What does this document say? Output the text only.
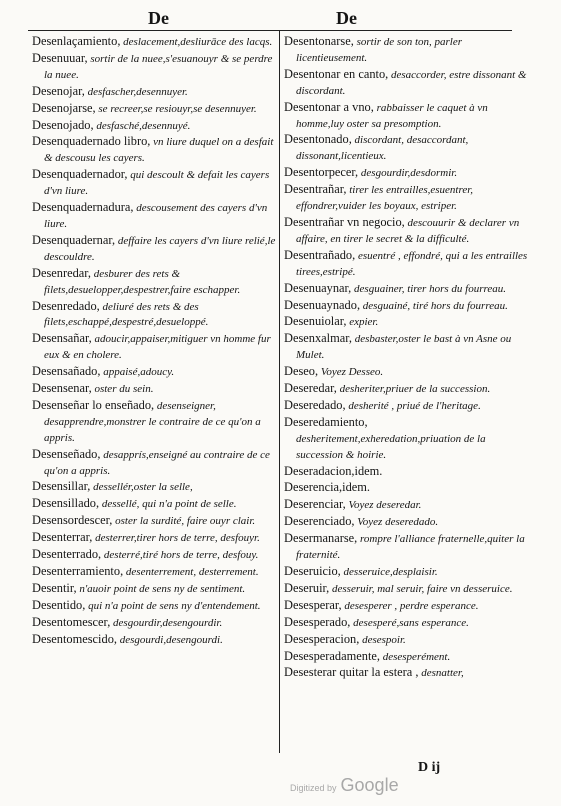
De	De

Desenlaçamiento, deslacement,desliurāce des lacqs.

Desenuuar, sortir de la nuee,s'esuanouyr & se perdre la nuee.

Desenojar, desfascher,desennuyer.

Desenojarse, se recreer,se resiouyr,se desennuyer.

Desenojado, desfasché,desennuyé.

Desenquadernado libro, vn liure duquel on a desfait & descousu les cayers.

Desenquadernador, qui descoult & defait les cayers d'vn liure.

Desenquadernadura, descousement des cayers d'vn liure.

Desenquadernar, deffaire les cayers d'vn liure relié,le descouldre.

Desenredar, desburer des rets & filets,desuelopper,despestrer,faire eschapper.

Desenredado, deliuré des rets & des filets,eschappé,despestré,desueloppé.

Desensañar, adoucir,appaiser,mitiguer vn homme fur eux & en cholere.

Desensañado, appaisé,adoucy.

Desensenar, oster du sein.

Desenseñar lo enseñado, desenseigner, desapprendre,monstrer le contraire de ce qu'on a appris.

Desenseñado, desapprís,enseigné au contraire de ce qu'on a appris.

Desensillar, dessellér,oster la selle,

Desensillado, dessellé, qui n'a point de selle.

Desensordescer, oster la surdité, faire ouyr clair.

Desenterrar, desterrer,tirer hors de terre, desfouyr.

Desenterrado, desterré,tiré hors de terre, desfouy.

Desenterramiento, desenterrement, desterrement.

Desentir, n'auoir point de sens ny de sentiment.

Desentido, qui n'a point de sens ny d'entendement.

Desentomescer, desgourdir,desengourdir.

Desentomescido, desgourdi,desengourdi.

Desentonarse, sortir de son ton, parler licentieusement.

Desentonar en canto, desaccorder, estre dissonant & discordant.

Desentonar a vno, rabbaisser le caquet à vn homme,luy oster sa presomption.

Desentonado, discordant, desaccordant, dissonant,licentieux.

Desentorpecer, desgourdir,desdormir.

Desentrañar, tirer les entrailles,esuentrer, effondrer,vuider les boyaux, estriper.

Desentrañar vn negocio, descouurir & declarer vn affaire, en tirer le secret & la difficulté.

Desentrañado, esuentré , effondré, qui a les entrailles tirees,estripé.

Desenuaynar, desguainer, tirer hors du fourreau.

Desenuaynado, desguainé, tiré hors du fourreau.

Desenuiolar, expier.

Desenxalmar, desbaster,oster le bast à vn Asne ou Mulet.

Deseo, Voyez Desseo.

Deseredar, desheriter,priuer de la succession.

Deseredado, desherité , priué de l'heritage.

Deseredamiento, desheritement,exheredation,priuation de la succession & hoirie.

Deseradacion,idem.

Deserencia,idem.

Deserenciar, Voyez deseredar.

Deserenciado, Voyez deseredado.

Desermanarse, rompre l'alliance fraternelle,quiter la fraternité.

Deseruicio, desseruice,desplaisir.

Deseruir, desseruir, mal seruir, faire vn desseruice.

Desesperar, desesperer , perdre esperance.

Desesperado, desesperé,sans esperance.

Desesperacion, desespoir.

Desesperadamente, desesperément.

Desesterar quitar la estera , desnatter,

D ij
Digitized by Google
